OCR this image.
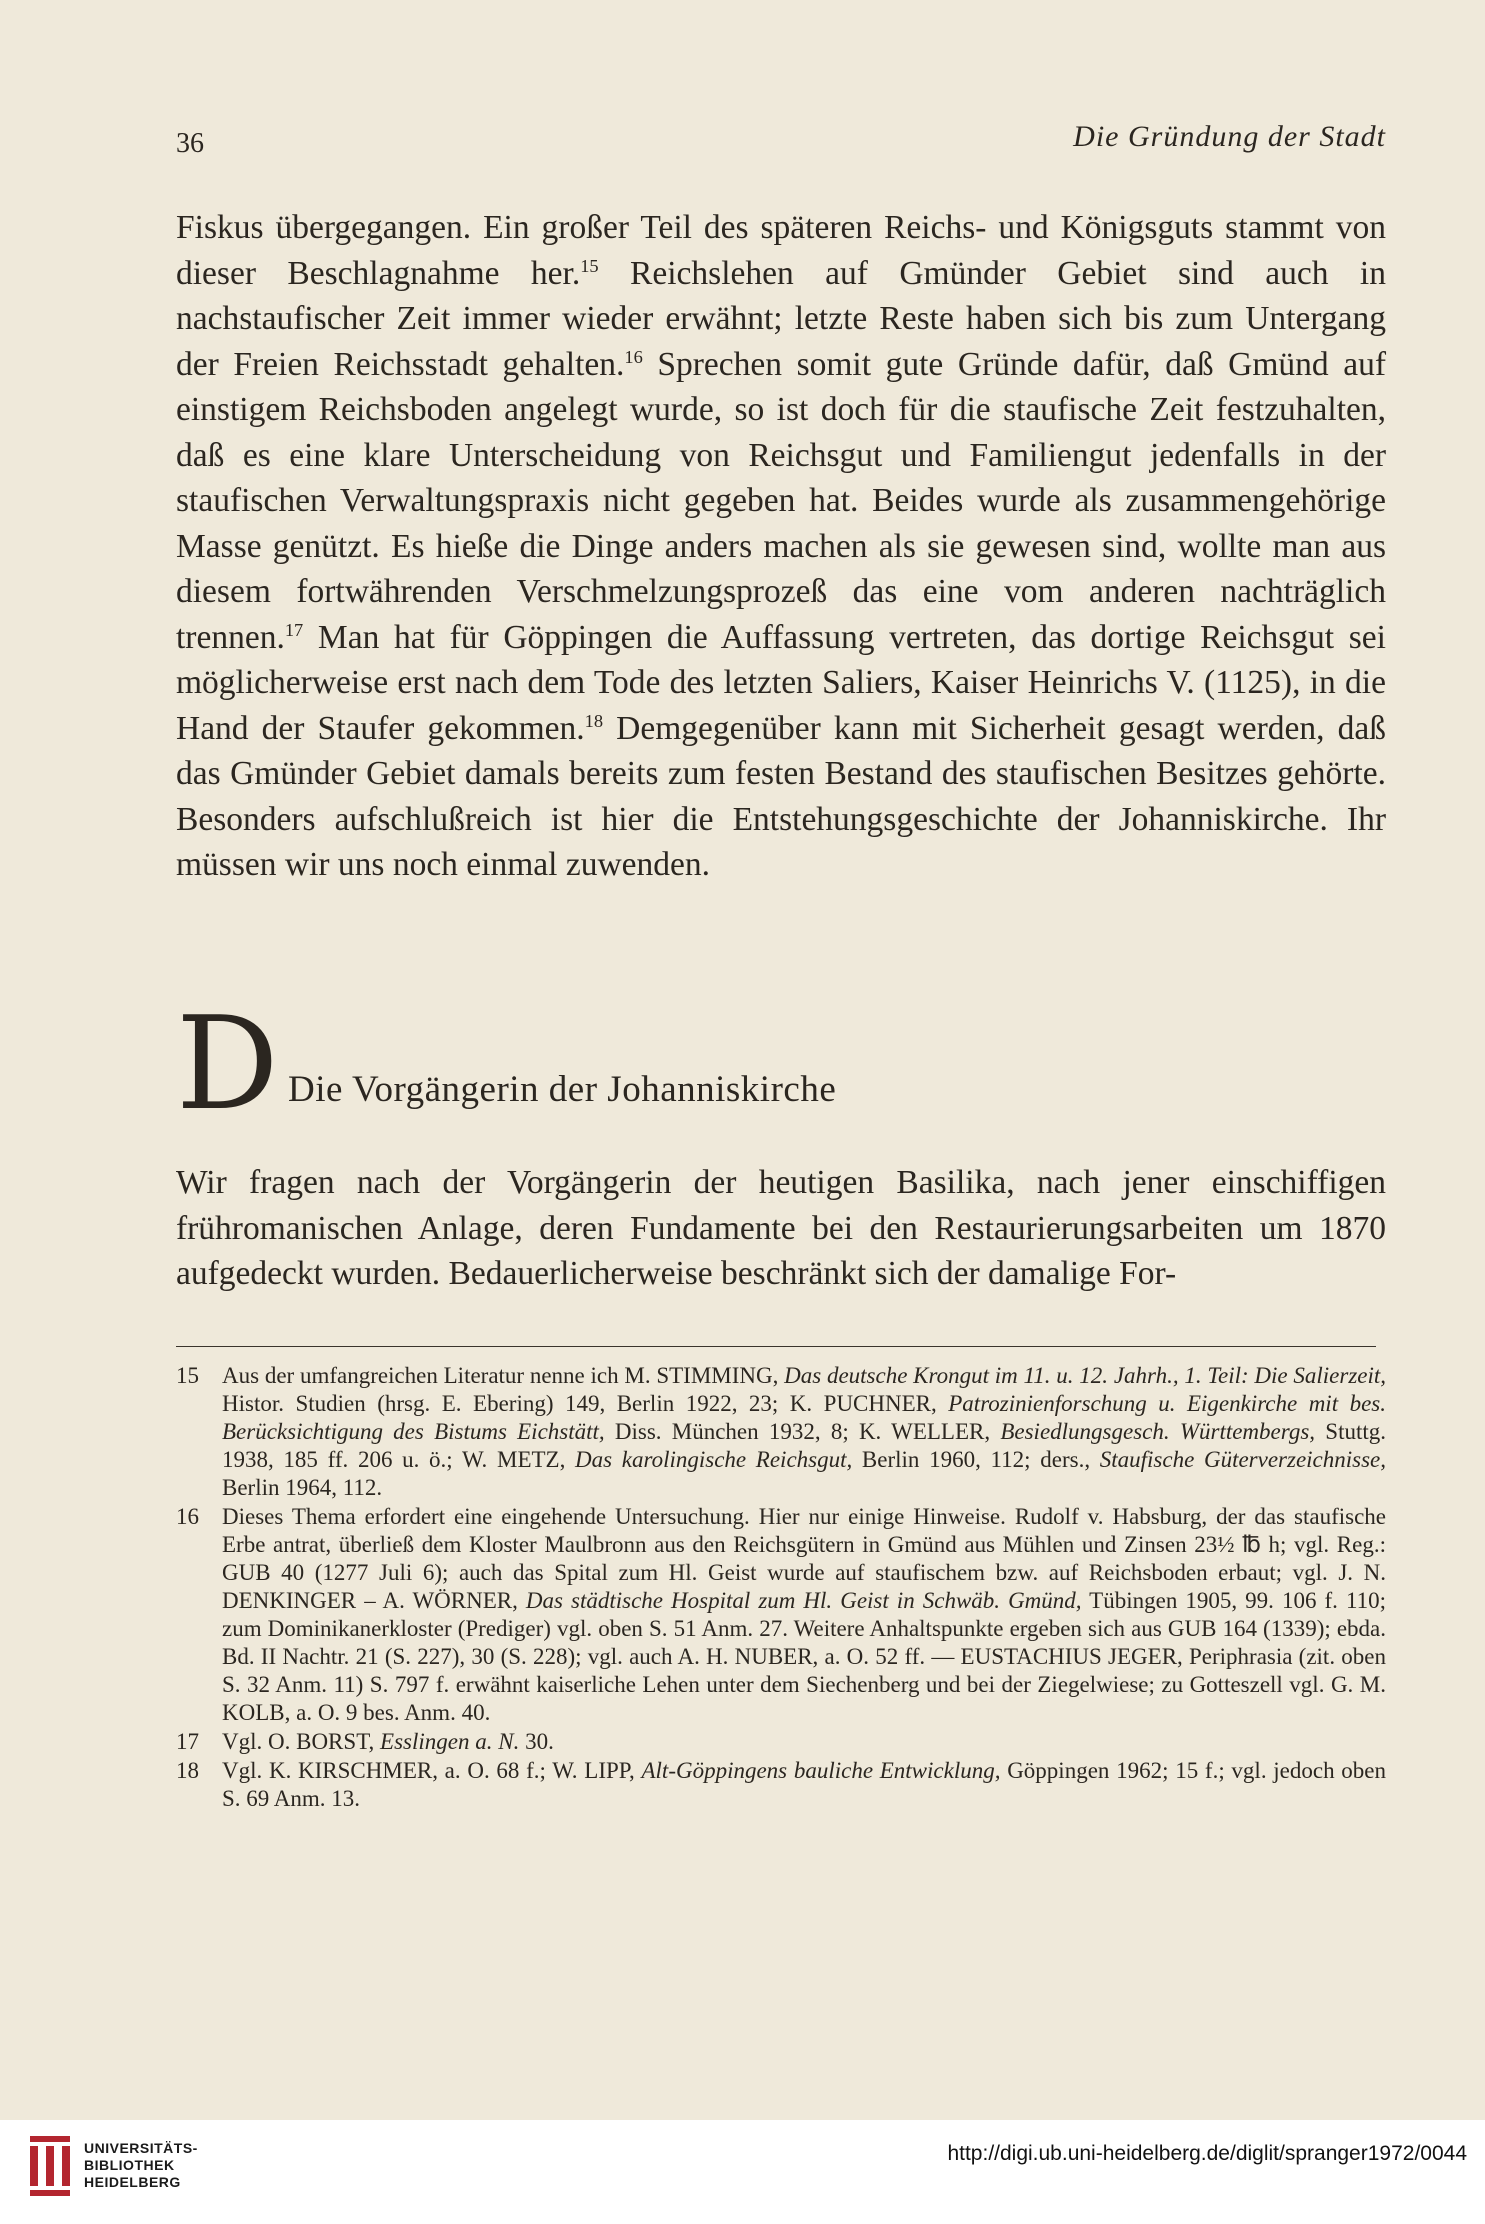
36	Die Gründung der Stadt

Fiskus übergegangen. Ein großer Teil des späteren Reichs- und Königsguts stammt von dieser Beschlagnahme her.$^{15}$ Reichslehen auf Gmünder Gebiet sind auch in nachstaufischer Zeit immer wieder erwähnt; letzte Reste haben sich bis zum Untergang der Freien Reichsstadt gehalten.$^{16}$ Sprechen somit gute Gründe dafür, daß Gmünd auf einstigem Reichsboden angelegt wurde, so ist doch für die staufische Zeit festzuhalten, daß es eine klare Unterscheidung von Reichsgut und Familiengut jedenfalls in der staufischen Verwaltungspraxis nicht gegeben hat. Beides wurde als zusammengehörige Masse genützt. Es hieße die Dinge anders machen als sie gewesen sind, wollte man aus diesem fortwährenden Verschmelzungsprozeß das eine vom anderen nachträglich trennen.$^{17}$ Man hat für Göppingen die Auffassung vertreten, das dortige Reichsgut sei möglicherweise erst nach dem Tode des letzten Saliers, Kaiser Heinrichs V. (1125), in die Hand der Staufer gekommen.$^{18}$ Demgegenüber kann mit Sicherheit gesagt werden, daß das Gmünder Gebiet damals bereits zum festen Bestand des staufischen Besitzes gehörte. Besonders aufschlußreich ist hier die Entstehungsgeschichte der Johanniskirche. Ihr müssen wir uns noch einmal zuwenden.

D Die Vorgängerin der Johanniskirche

Wir fragen nach der Vorgängerin der heutigen Basilika, nach jener einschiffigen frühromanischen Anlage, deren Fundamente bei den Restaurierungsarbeiten um 1870 aufgedeckt wurden. Bedauerlicherweise beschränkt sich der damalige For-

15 Aus der umfangreichen Literatur nenne ich M. STIMMING, Das deutsche Krongut im 11. u. 12. Jahrh., 1. Teil: Die Salierzeit, Histor. Studien (hrsg. E. Ebering) 149, Berlin 1922, 23; K. PUCHNER, Patrozinienforschung u. Eigenkirche mit bes. Berücksichtigung des Bistums Eichstätt, Diss. München 1932, 8; K. WELLER, Besiedlungsgesch. Württembergs, Stuttg. 1938, 185 ff. 206 u. ö.; W. METZ, Das karolingische Reichsgut, Berlin 1960, 112; ders., Staufische Güterverzeichnisse, Berlin 1964, 112.
16 Dieses Thema erfordert eine eingehende Untersuchung. Hier nur einige Hinweise. Rudolf v. Habsburg, der das staufische Erbe antrat, überließ dem Kloster Maulbronn aus den Reichsgütern in Gmünd aus Mühlen und Zinsen 23½ ℔ h; vgl. Reg.: GUB 40 (1277 Juli 6); auch das Spital zum Hl. Geist wurde auf staufischem bzw. auf Reichsboden erbaut; vgl. J. N. DENKINGER – A. WÖRNER, Das städtische Hospital zum Hl. Geist in Schwäb. Gmünd, Tübingen 1905, 99. 106 f. 110; zum Dominikanerkloster (Prediger) vgl. oben S. 51 Anm. 27. Weitere Anhaltspunkte ergeben sich aus GUB 164 (1339); ebda. Bd. II Nachtr. 21 (S. 227), 30 (S. 228); vgl. auch A. H. NUBER, a. O. 52 ff. — EUSTACHIUS JEGER, Periphrasia (zit. oben S. 32 Anm. 11) S. 797 f. erwähnt kaiserliche Lehen unter dem Siechenberg und bei der Ziegelwiese; zu Gotteszell vgl. G. M. KOLB, a. O. 9 bes. Anm. 40.
17 Vgl. O. BORST, Esslingen a. N. 30.
18 Vgl. K. KIRSCHMER, a. O. 68 f.; W. LIPP, Alt-Göppingens bauliche Entwicklung, Göppingen 1962; 15 f.; vgl. jedoch oben S. 69 Anm. 13.
UNIVERSITÄTS-
BIBLIOTHEK
HEIDELBERG
http://digi.ub.uni-heidelberg.de/diglit/spranger1972/0044
